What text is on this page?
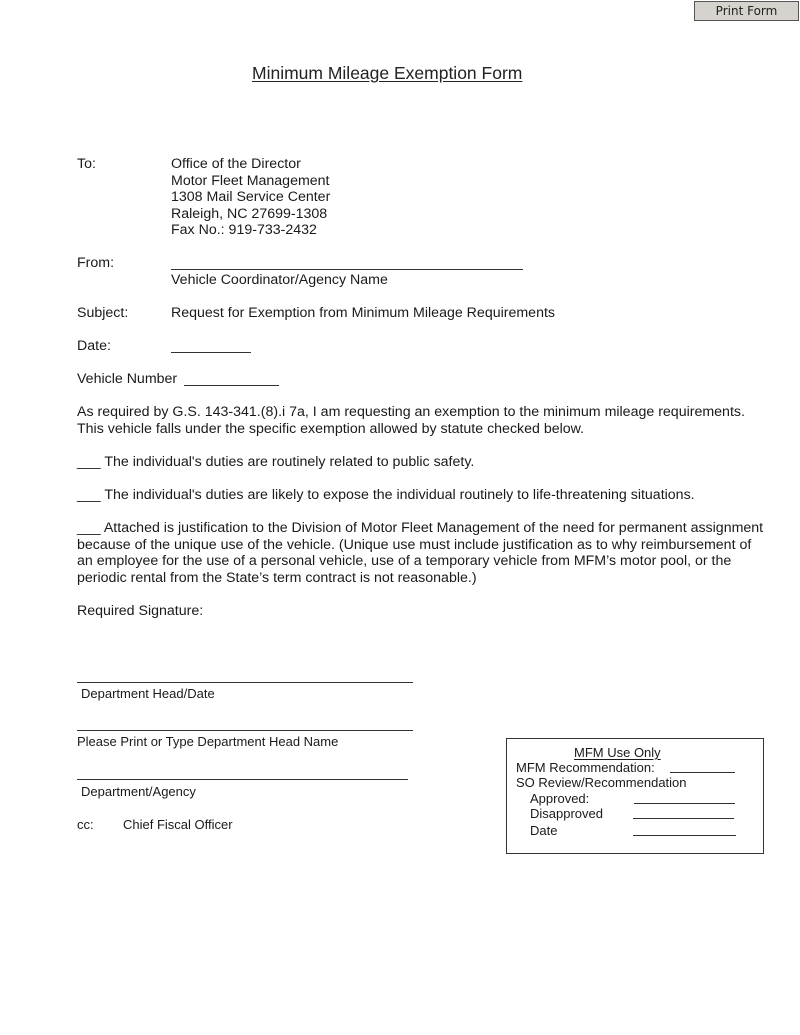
Print Form
Minimum Mileage Exemption Form
To:	Office of the Director
Motor Fleet Management
1308 Mail Service Center
Raleigh, NC 27699-1308
Fax No.: 919-733-2432
From:
Vehicle Coordinator/Agency Name
Subject:	Request for Exemption from Minimum Mileage Requirements
Date:
Vehicle Number
As required by G.S. 143-341.(8).i 7a, I am requesting an exemption to the minimum mileage requirements. This vehicle falls under the specific exemption allowed by statute checked below.
___ The individual's duties are routinely related to public safety.
___ The individual's duties are likely to expose the individual routinely to life-threatening situations.
___ Attached is justification to the Division of Motor Fleet Management of the need for permanent assignment because of the unique use of the vehicle. (Unique use must include justification as to why reimbursement of an employee for the use of a personal vehicle, use of a temporary vehicle from MFM’s motor pool, or the periodic rental from the State’s term contract is not reasonable.)
Required Signature:
Department Head/Date
Please Print or Type Department Head Name
Department/Agency
cc: Chief Fiscal Officer
MFM Use Only
MFM Recommendation:
SO Review/Recommendation
Approved:
Disapproved
Date
